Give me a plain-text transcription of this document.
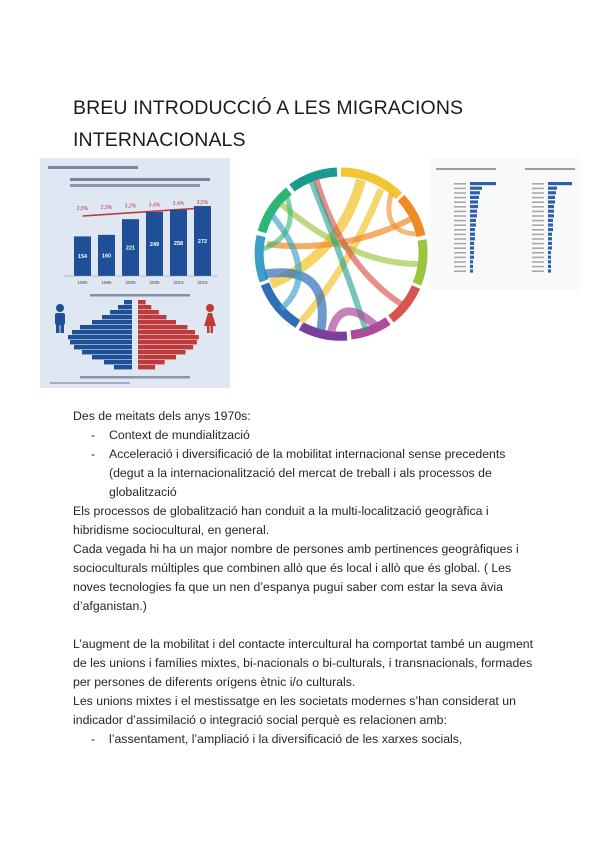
BREU INTRODUCCIÓ A LES MIGRACIONS
INTERNACIONALS
154
2,8%
1990
160
2,9%
1995
221
3,2%
2000
249
3,4%
2005
258
3,4%
2010
272
3,5%
2019

Des de meitats dels anys 1970s:

- Context de mundialització
- Acceleració i diversificació de la mobilitat internacional sense precedents (degut a la internacionalització del mercat de treball i als processos de globalització

Els processos de globalització han conduit a la multi-localització geogràfica i hibridisme sociocultural, en general.

Cada vegada hi ha un major nombre de persones amb pertinences geogràfiques i socioculturals múltiples que combinen allò que és local i allò que és global. ( Les noves tecnologies fa que un nen d’espanya pugui saber com estar la seva àvia d’afganistan.)

L’augment de la mobilitat i del contacte intercultural ha comportat també un augment de les unions i famílies mixtes, bi-nacionals o bi-culturals, i transnacionals, formades per persones de diferents orígens ètnic i/o culturals.

Les unions mixtes i el mestissatge en les societats modernes s’han considerat un indicador d’assimilació o integració social perquè es relacionen amb:

- l’assentament, l’ampliació i la diversificació de les xarxes socials,
